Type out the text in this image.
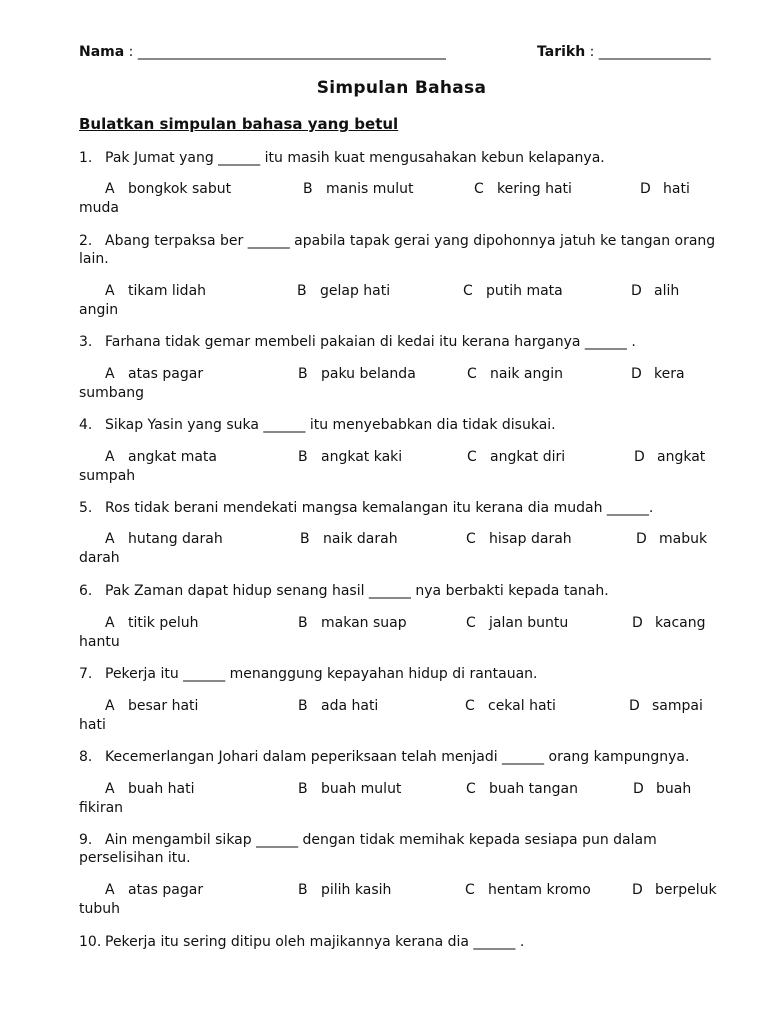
Nama : ____________________________________________	Tarikh : ________________
Simpulan Bahasa
Bulatkan simpulan bahasa yang betul
1. Pak Jumat yang ______ itu masih kuat mengusahakan kebun kelapanya.
A bongkok sabut	B manis mulut	C kering hati	D hati
muda
2. Abang terpaksa ber ______ apabila tapak gerai yang dipohonnya jatuh ke tangan orang lain.
A tikam lidah	B gelap hati	C putih mata	D alih
angin
3. Farhana tidak gemar membeli pakaian di kedai itu kerana harganya ______ .
A atas pagar	B paku belanda	C naik angin	D kera
sumbang
4. Sikap Yasin yang suka ______ itu menyebabkan dia tidak disukai.
A angkat mata	B angkat kaki	C angkat diri	D angkat
sumpah
5. Ros tidak berani mendekati mangsa kemalangan itu kerana dia mudah ______.
A hutang darah	B naik darah	C hisap darah	D mabuk
darah
6. Pak Zaman dapat hidup senang hasil ______ nya berbakti kepada tanah.
A titik peluh	B makan suap	C jalan buntu	D kacang
hantu
7. Pekerja itu ______ menanggung kepayahan hidup di rantauan.
A besar hati	B ada hati	C cekal hati	D sampai
hati
8. Kecemerlangan Johari dalam peperiksaan telah menjadi ______ orang kampungnya.
A buah hati	B buah mulut	C buah tangan	D buah
fikiran
9. Ain mengambil sikap ______ dengan tidak memihak kepada sesiapa pun dalam perselisihan itu.
A atas pagar	B pilih kasih	C hentam kromo	D berpeluk
tubuh
10. Pekerja itu sering ditipu oleh majikannya kerana dia ______ .
